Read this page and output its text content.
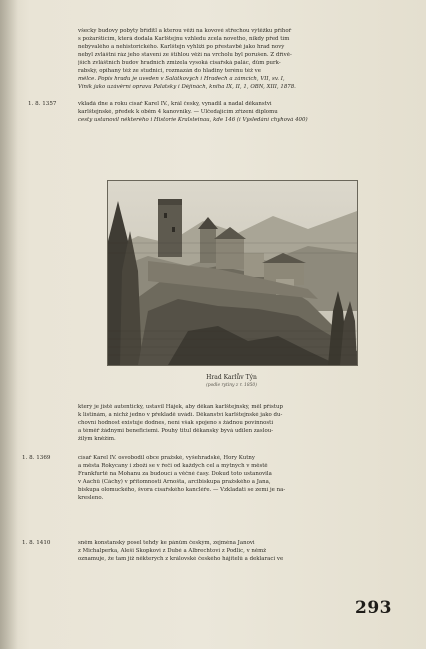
všecky budovy pobyty bříditl a kterou věží na kovové střechou výtěžku příhoř
s požaršticím, která dodala Karlštejnu vzhledu zcela novetho, nikdy před tím
nebývalého a nehistorického. Karlštejn vyhlíží po přestavbě jako hrad nový
nebyl zvláštní ráz jeho stavení ze štíhlou věží na vrcholu byl porušen. Z dřívě-
jších zvláštních budov hradních zmizela vysoká cisařská palác, dům purk-
rabský, opíhaný též ze studnici, rozmazán do hladiny terénu též ve
mělce. Popis hradu je uveden v Šalátkových i Hradech a zámcích, VII, sv. I,
Viník jako uzávěrní opravu Palatsky i Dějinách, kniha IX, II, 1, OBN, XIII, 1878.
1. 8. 1357	vkladá dne a roku císař Karel IV., král český, vynadil a nadal děkanství
karlštejnské, předek k oběm 4 kanovníky. — Ulčedajícím zřízení diplomu
cesty ustanovil některého i Historie Kralsteinau, kde 146 (i Výsledání chyhová 400)
Hrad Karlův Týn
(podle rytiny z r. 1850)
který je jistě autentický, ustavil Hájek, aby děkan karlštejnský, měl přístup
k listinám, a nichž jedno v překladě uvádí. Děkanství karlštejnské jako du-
chovní hodnost existuje dodnes, není však spojeno s žádnou povinností
a téměř žádnými beneficiemi. Pouhý titul děkanský bývá udílen zaslou-
žilým kněžím.
1. 8. 1369	císař Karel IV. osvobodil obce pražské, vyšehradské, Hory Kutny
a města Rokycany i zboží se v řeči od každých cel a mýtných v městě
Frankfurtě na Mohanu za budoucí a věčné časy. Dokud toto ustanovila
v Aachů (Cáchy) v přítomnosti Arnošta, arcibiskupa pražského a Jana,
biskupa olomuckého, švora císařského kancléře. — Vzkladati se zemí je na-
kresleno.
1. 8. 1410	sněm konstanský posel tehdy ke pánům českým, zejména Janovi
z Michalperka, Aleši Škopkovi z Dubé a Albrechtovi z Podlic, v němž
oznamuje, že tam již některých z královské českého hájitelů a deklaraci ve
293
